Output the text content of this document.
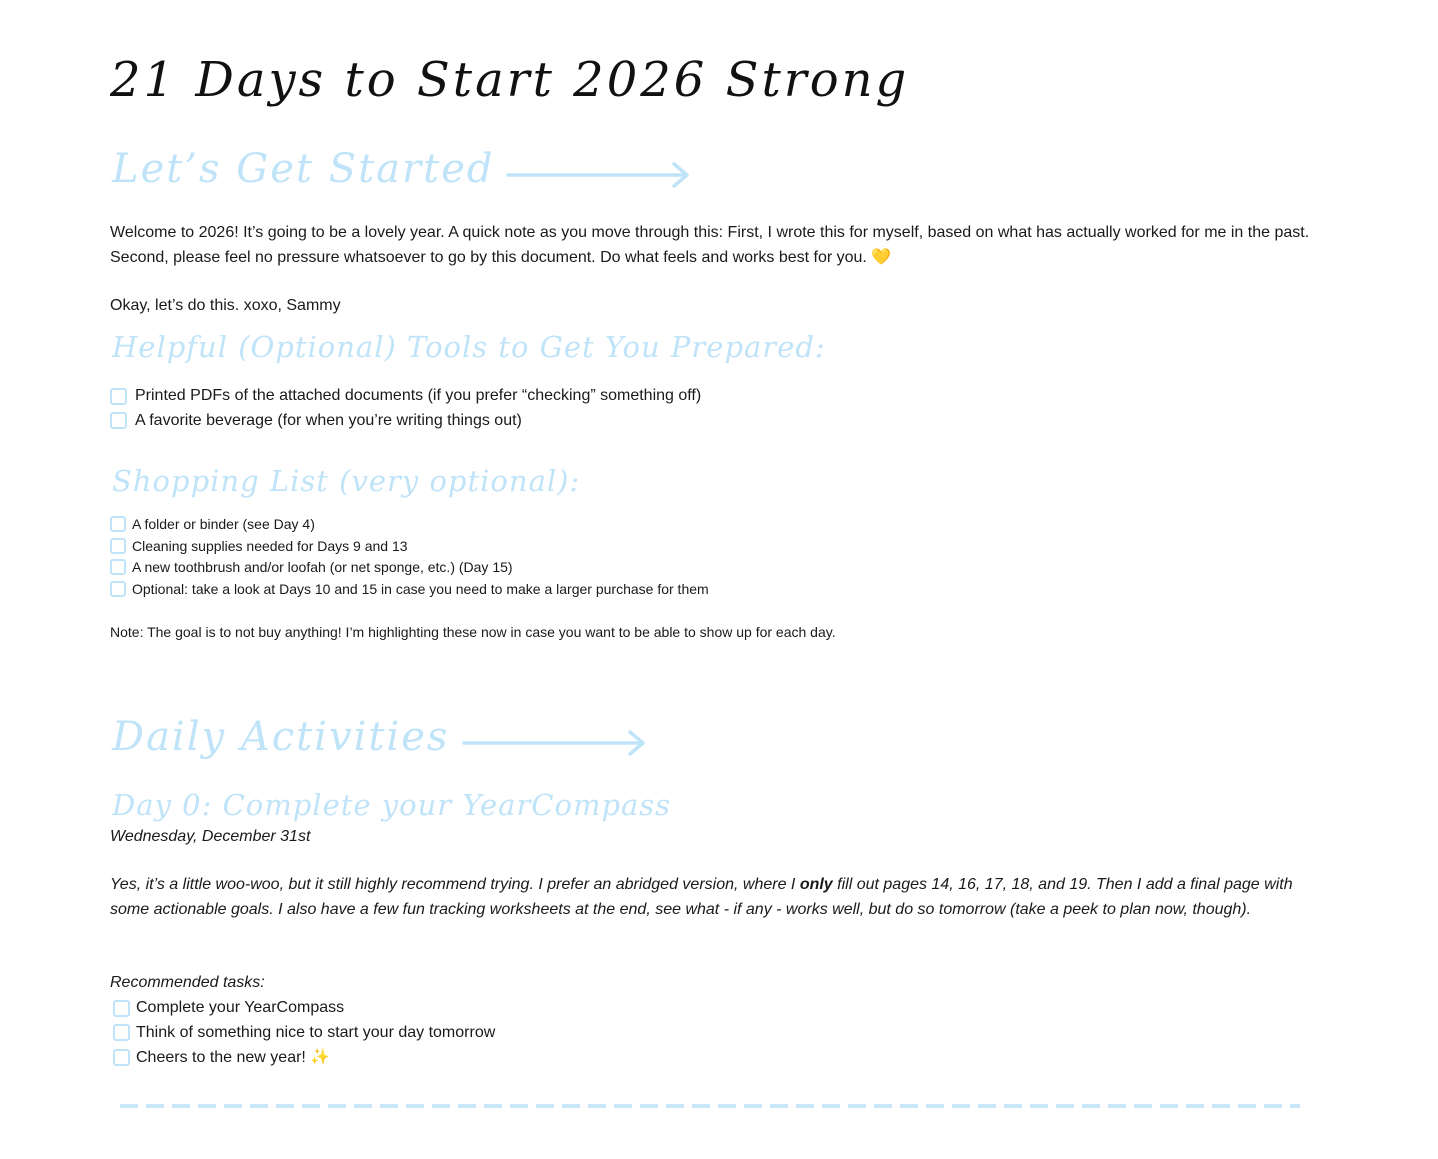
21 Days to Start 2026 Strong
Let’s Get Started

Welcome to 2026! It’s going to be a lovely year. A quick note as you move through this: First, I wrote this for myself, based on what has actually worked for me in the past. Second, please feel no pressure whatsoever to go by this document. Do what feels and works best for you. 💛

Okay, let’s do this. xoxo, Sammy

Helpful (Optional) Tools to Get You Prepared:
Printed PDFs of the attached documents (if you prefer “checking” something off)
A favorite beverage (for when you’re writing things out)
Shopping List (very optional):
A folder or binder (see Day 4)
Cleaning supplies needed for Days 9 and 13
A new toothbrush and/or loofah (or net sponge, etc.) (Day 15)
Optional: take a look at Days 10 and 15 in case you need to make a larger purchase for them

Note: The goal is to not buy anything! I’m highlighting these now in case you want to be able to show up for each day.

Daily Activities
Day 0: Complete your YearCompass

Wednesday, December 31st

Yes, it’s a little woo-woo, but it still highly recommend trying. I prefer an abridged version, where I only fill out pages 14, 16, 17, 18, and 19. Then I add a final page with some actionable goals. I also have a few fun tracking worksheets at the end, see what - if any - works well, but do so tomorrow (take a peek to plan now, though).

Recommended tasks:

Complete your YearCompass
Think of something nice to start your day tomorrow
Cheers to the new year! ✨
